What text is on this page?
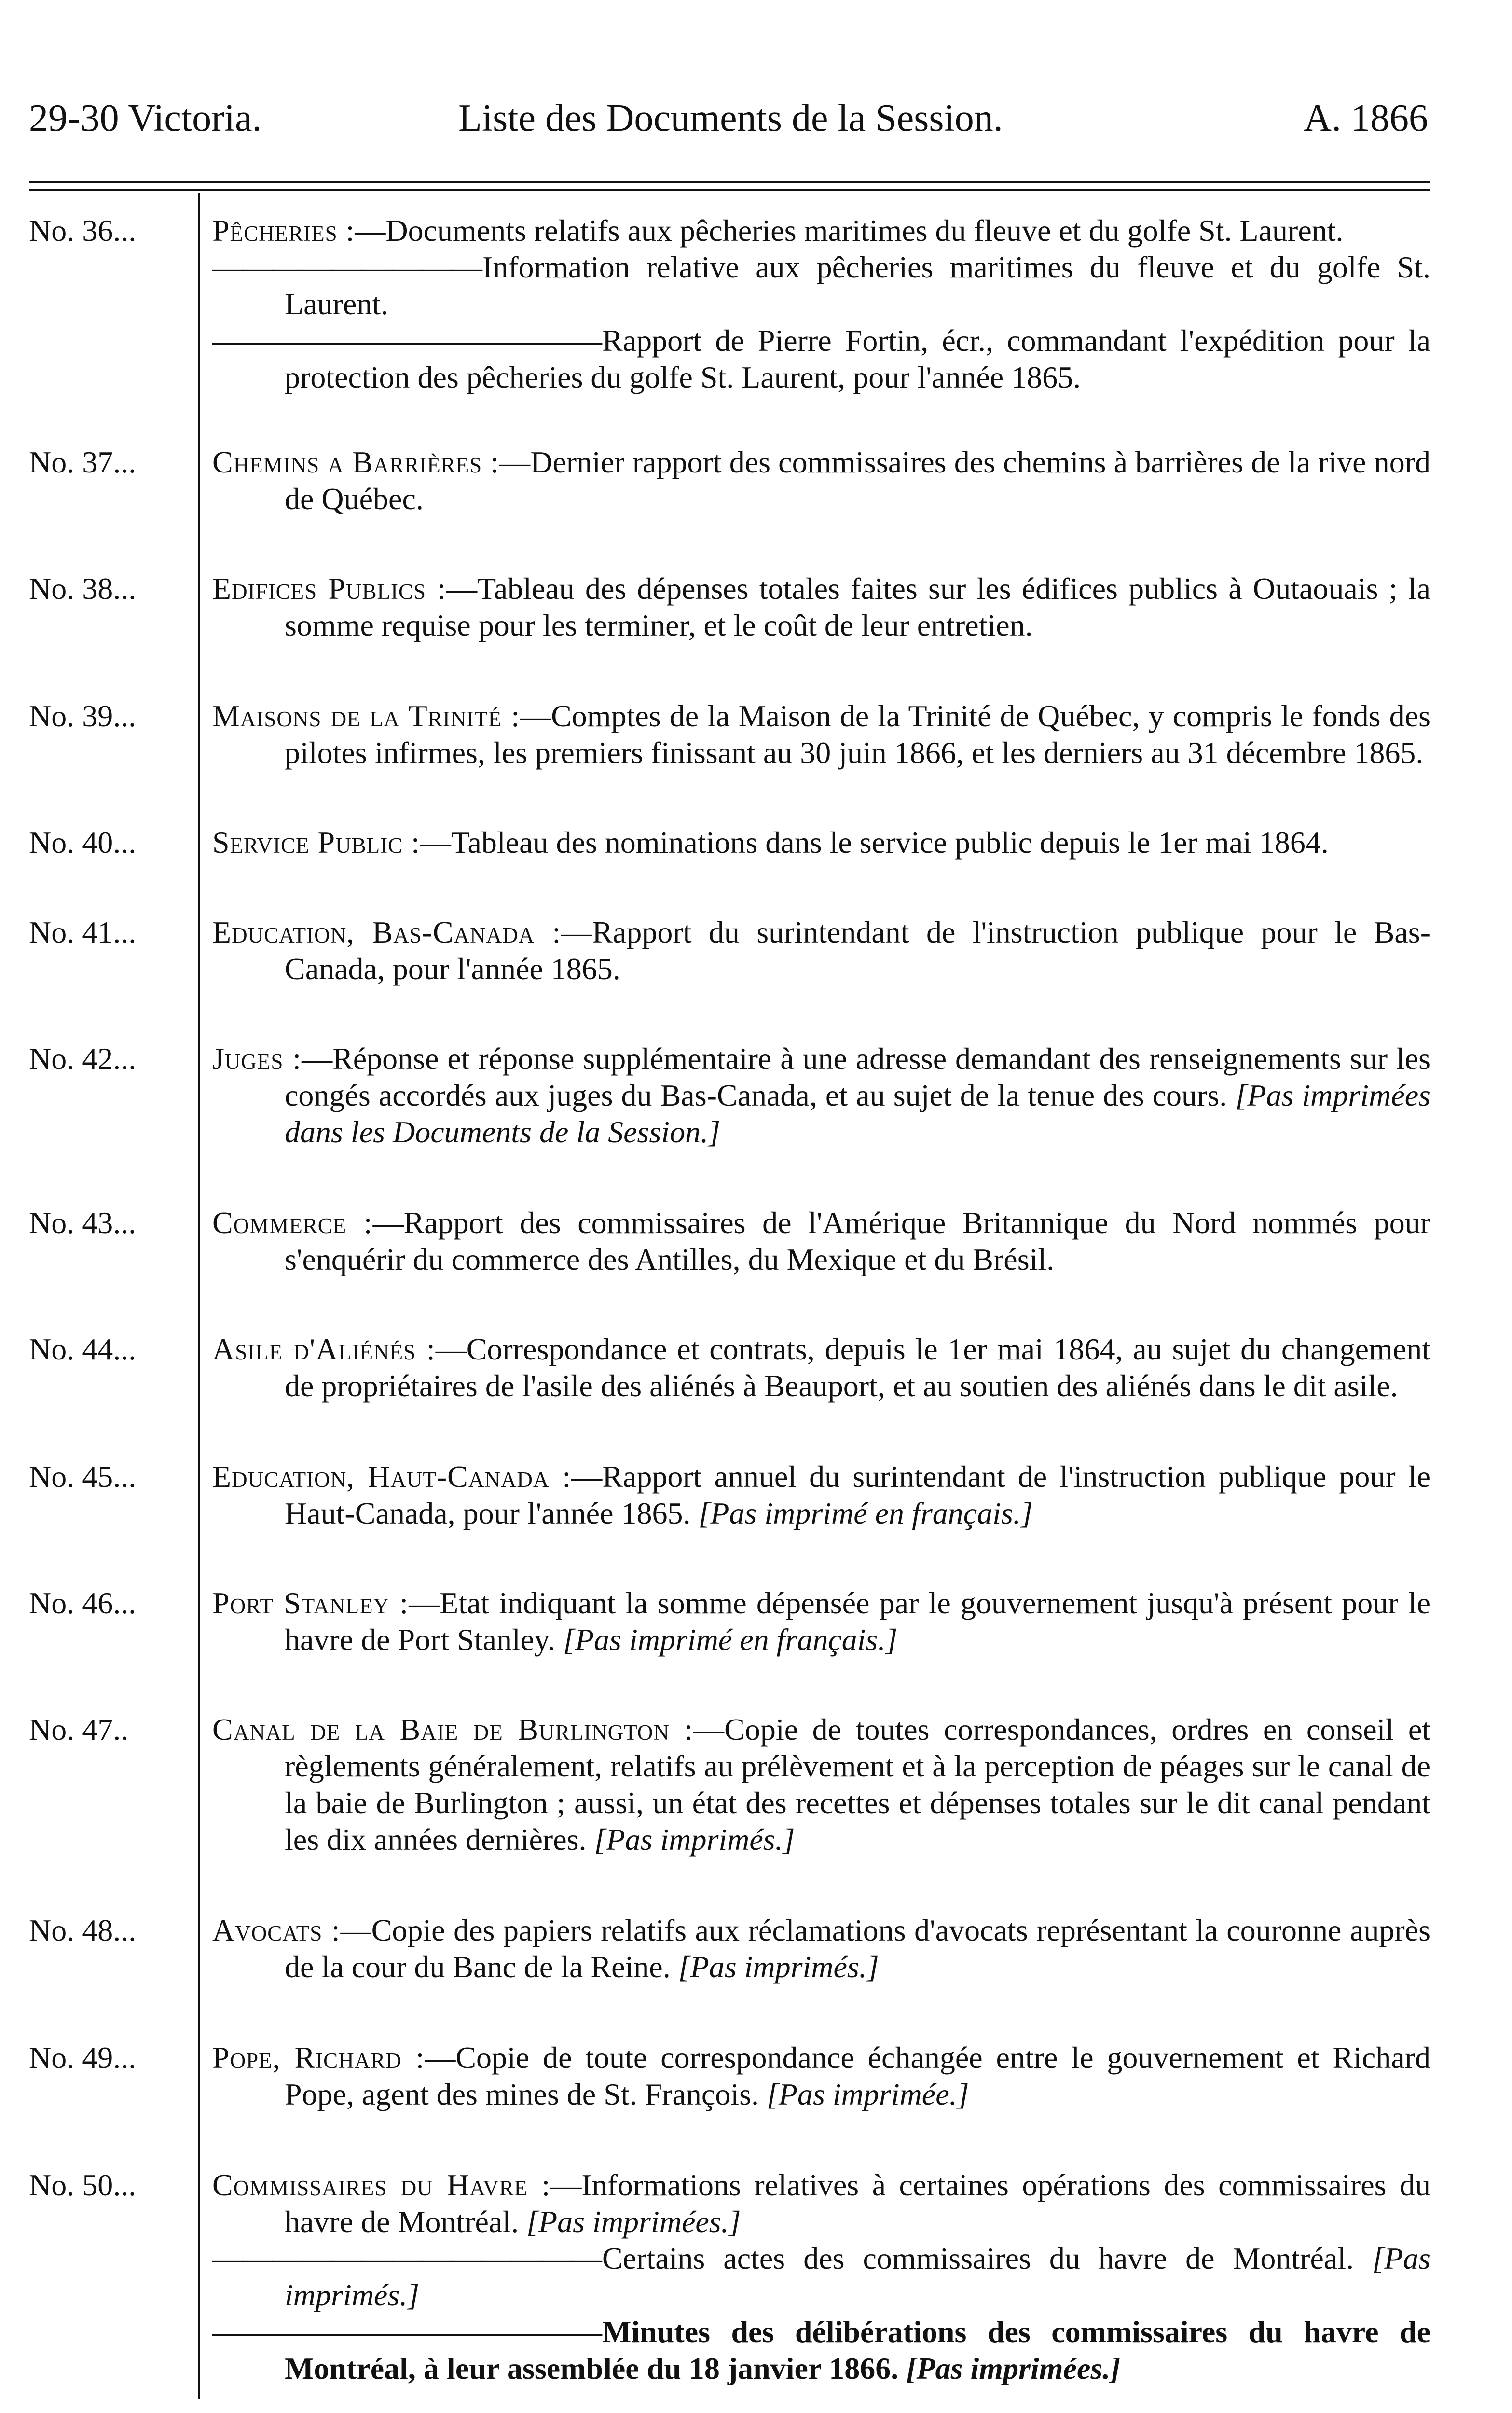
29-30 Victoria.	Liste des Documents de la Session.	A. 1866
No. 36...	Pêcheries :—Documents relatifs aux pêcheries maritimes du fleuve et du golfe St. Laurent.
—————————Information relative aux pêcheries maritimes du fleuve et du golfe St. Laurent.
—————————————Rapport de Pierre Fortin, écr., commandant l'expédition pour la protection des pêcheries du golfe St. Laurent, pour l'année 1865.
No. 37...	Chemins a Barrières :—Dernier rapport des commissaires des chemins à barrières de la rive nord de Québec.
No. 38...	Edifices Publics :—Tableau des dépenses totales faites sur les édifices publics à Outaouais ; la somme requise pour les terminer, et le coût de leur entretien.
No. 39...	Maisons de la Trinité :—Comptes de la Maison de la Trinité de Québec, y compris le fonds des pilotes infirmes, les premiers finissant au 30 juin 1866, et les derniers au 31 décembre 1865.
No. 40...	Service Public :—Tableau des nominations dans le service public depuis le 1er mai 1864.
No. 41...	Education, Bas-Canada :—Rapport du surintendant de l'instruction publique pour le Bas-Canada, pour l'année 1865.
No. 42...	Juges :—Réponse et réponse supplémentaire à une adresse demandant des renseignements sur les congés accordés aux juges du Bas-Canada, et au sujet de la tenue des cours. [Pas imprimées dans les Documents de la Session.]
No. 43...	Commerce :—Rapport des commissaires de l'Amérique Britannique du Nord nommés pour s'enquérir du commerce des Antilles, du Mexique et du Brésil.
No. 44...	Asile d'Aliénés :—Correspondance et contrats, depuis le 1er mai 1864, au sujet du changement de propriétaires de l'asile des aliénés à Beauport, et au soutien des aliénés dans le dit asile.
No. 45...	Education, Haut-Canada :—Rapport annuel du surintendant de l'instruction publique pour le Haut-Canada, pour l'année 1865. [Pas imprimé en français.]
No. 46...	Port Stanley :—Etat indiquant la somme dépensée par le gouvernement jusqu'à présent pour le havre de Port Stanley. [Pas imprimé en français.]
No. 47..	Canal de la Baie de Burlington :—Copie de toutes correspondances, ordres en conseil et règlements généralement, relatifs au prélèvement et à la perception de péages sur le canal de la baie de Burlington ; aussi, un état des recettes et dépenses totales sur le dit canal pendant les dix années dernières. [Pas imprimés.]
No. 48...	Avocats :—Copie des papiers relatifs aux réclamations d'avocats représentant la couronne auprès de la cour du Banc de la Reine. [Pas imprimés.]
No. 49...	Pope, Richard :—Copie de toute correspondance échangée entre le gouvernement et Richard Pope, agent des mines de St. François. [Pas imprimée.]
No. 50...	Commissaires du Havre :—Informations relatives à certaines opérations des commissaires du havre de Montréal. [Pas imprimées.]
—————————————Certains actes des commissaires du havre de Montréal. [Pas imprimés.]
—————————————Minutes des délibérations des commissaires du havre de Montréal, à leur assemblée du 18 janvier 1866. [Pas imprimées.]
